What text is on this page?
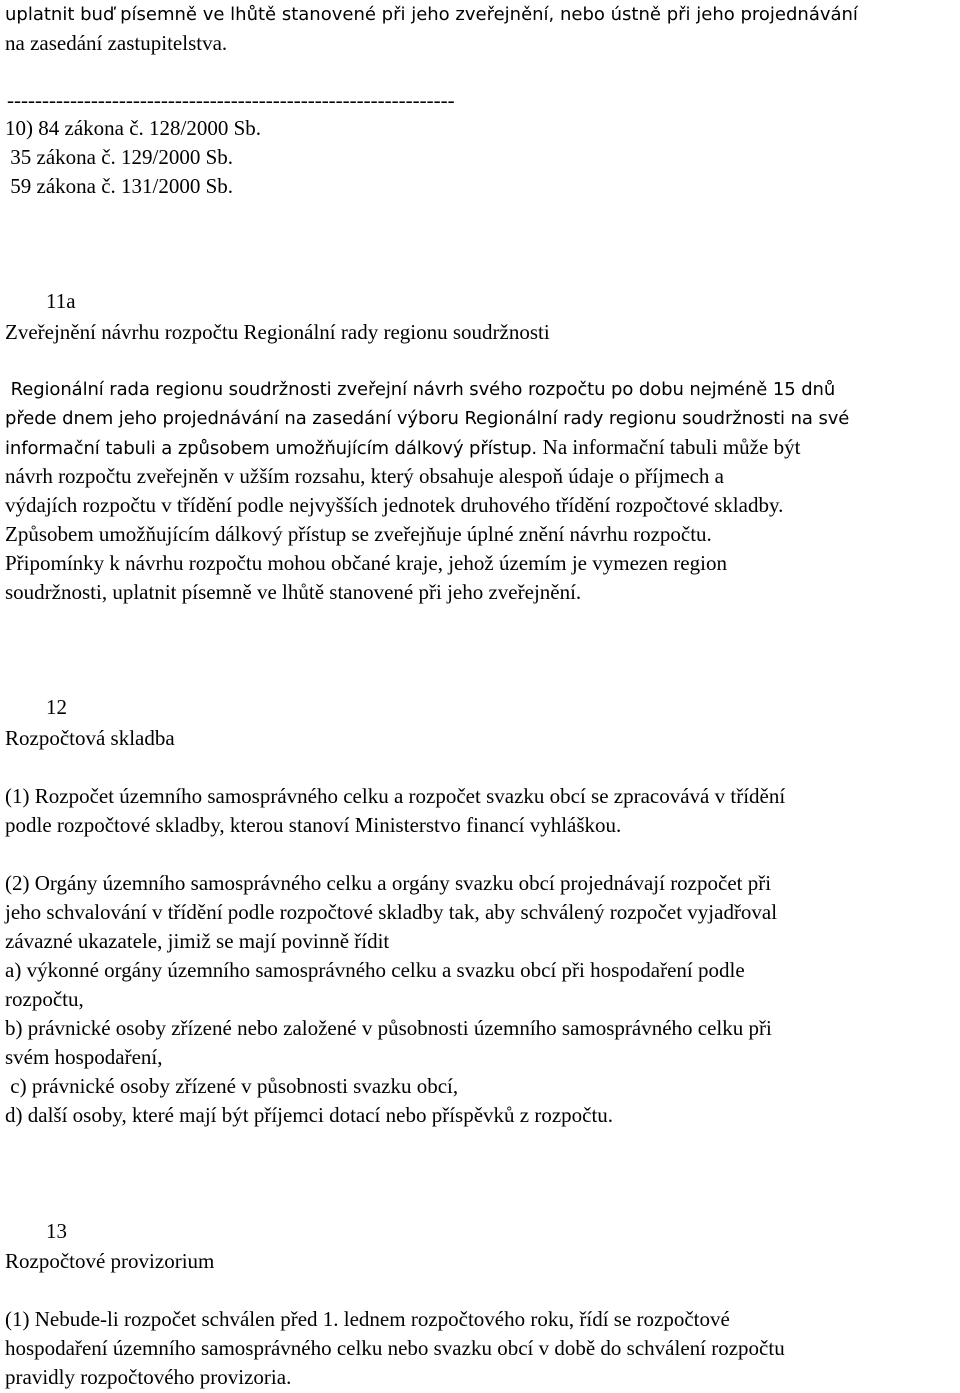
uplatnit buď písemně ve lhůtě stanovené při jeho zveřejnění, nebo ústně při jeho projednávání
na zasedání zastupitelstva.
----------------------------------------------------------------
10) 84 zákona č. 128/2000 Sb.
35 zákona č. 129/2000 Sb.
59 zákona č. 131/2000 Sb.

11a

Zveřejnění návrhu rozpočtu Regionální rady regionu soudržnosti
Regionální rada regionu soudržnosti zveřejní návrh svého rozpočtu po dobu nejméně 15 dnů
přede dnem jeho projednávání na zasedání výboru Regionální rady regionu soudržnosti na své
informační tabuli a způsobem umožňujícím dálkový přístup. Na informační tabuli může být
návrh rozpočtu zveřejněn v užším rozsahu, který obsahuje alespoň údaje o příjmech a
výdajích rozpočtu v třídění podle nejvyšších jednotek druhového třídění rozpočtové skladby.
Způsobem umožňujícím dálkový přístup se zveřejňuje úplné znění návrhu rozpočtu.
Připomínky k návrhu rozpočtu mohou občané kraje, jehož územím je vymezen region
soudržnosti, uplatnit písemně ve lhůtě stanovené při jeho zveřejnění.

12

Rozpočtová skladba
(1) Rozpočet územního samosprávného celku a rozpočet svazku obcí se zpracovává v třídění
podle rozpočtové skladby, kterou stanoví Ministerstvo financí vyhláškou.
(2) Orgány územního samosprávného celku a orgány svazku obcí projednávají rozpočet při
jeho schvalování v třídění podle rozpočtové skladby tak, aby schválený rozpočet vyjadřoval
závazné ukazatele, jimiž se mají povinně řídit
a) výkonné orgány územního samosprávného celku a svazku obcí při hospodaření podle
rozpočtu,
b) právnické osoby zřízené nebo založené v působnosti územního samosprávného celku při
svém hospodaření,
c) právnické osoby zřízené v působnosti svazku obcí,
d) další osoby, které mají být příjemci dotací nebo příspěvků z rozpočtu.

13

Rozpočtové provizorium
(1) Nebude-li rozpočet schválen před 1. lednem rozpočtového roku, řídí se rozpočtové
hospodaření územního samosprávného celku nebo svazku obcí v době do schválení rozpočtu
pravidly rozpočtového provizoria.
